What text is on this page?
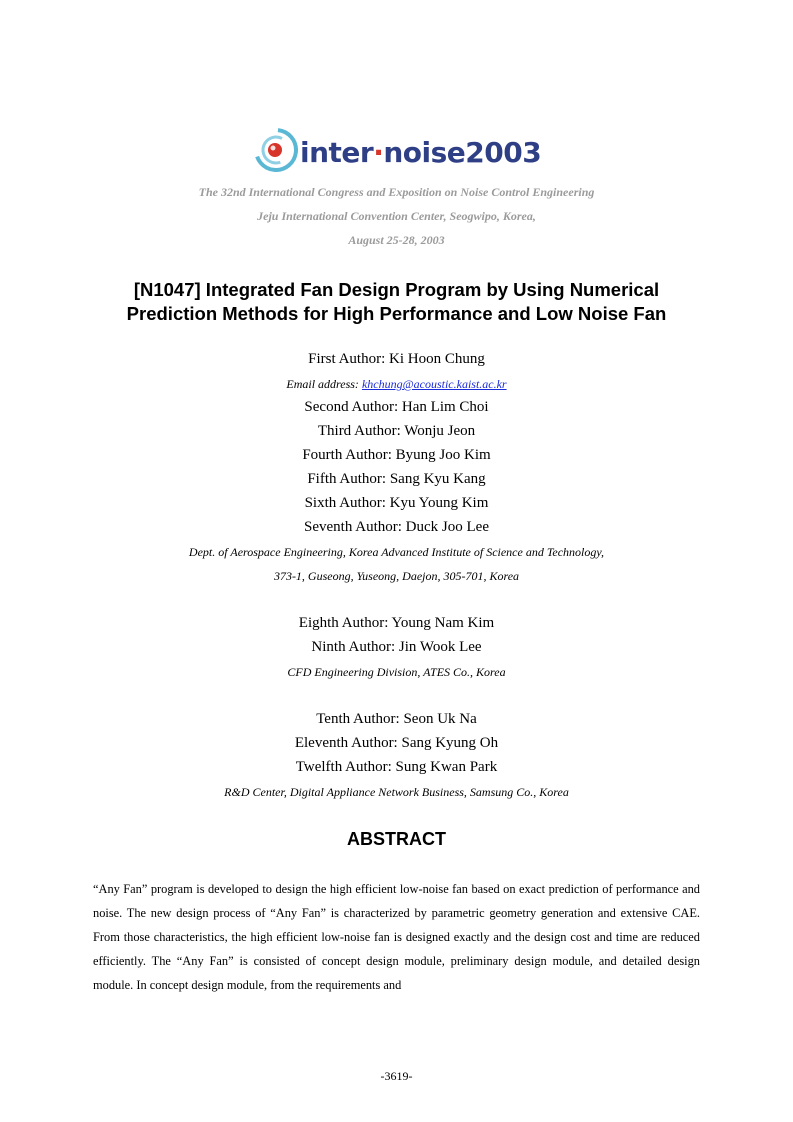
inter·noise2003
The 32nd International Congress and Exposition on Noise Control Engineering
Jeju International Convention Center, Seogwipo, Korea,
August 25-28, 2003
[N1047] Integrated Fan Design Program by Using Numerical
Prediction Methods for High Performance and Low Noise Fan
First Author: Ki Hoon Chung
Email address: khchung@acoustic.kaist.ac.kr
Second Author: Han Lim Choi
Third Author: Wonju Jeon
Fourth Author: Byung Joo Kim
Fifth Author: Sang Kyu Kang
Sixth Author: Kyu Young Kim
Seventh Author: Duck Joo Lee
Dept. of Aerospace Engineering, Korea Advanced Institute of Science and Technology,
373-1, Guseong, Yuseong, Daejon, 305-701, Korea
Eighth Author: Young Nam Kim
Ninth Author: Jin Wook Lee
CFD Engineering Division, ATES Co., Korea
Tenth Author: Seon Uk Na
Eleventh Author: Sang Kyung Oh
Twelfth Author: Sung Kwan Park
R&D Center, Digital Appliance Network Business, Samsung Co., Korea
ABSTRACT
“Any Fan” program is developed to design the high efficient low-noise fan based on exact prediction of performance and noise. The new design process of “Any Fan” is characterized by parametric geometry generation and extensive CAE. From those characteristics, the high efficient low-noise fan is designed exactly and the design cost and time are reduced efficiently. The “Any Fan” is consisted of concept design module, preliminary design module, and detailed design module. In concept design module, from the requirements and
-3619-
